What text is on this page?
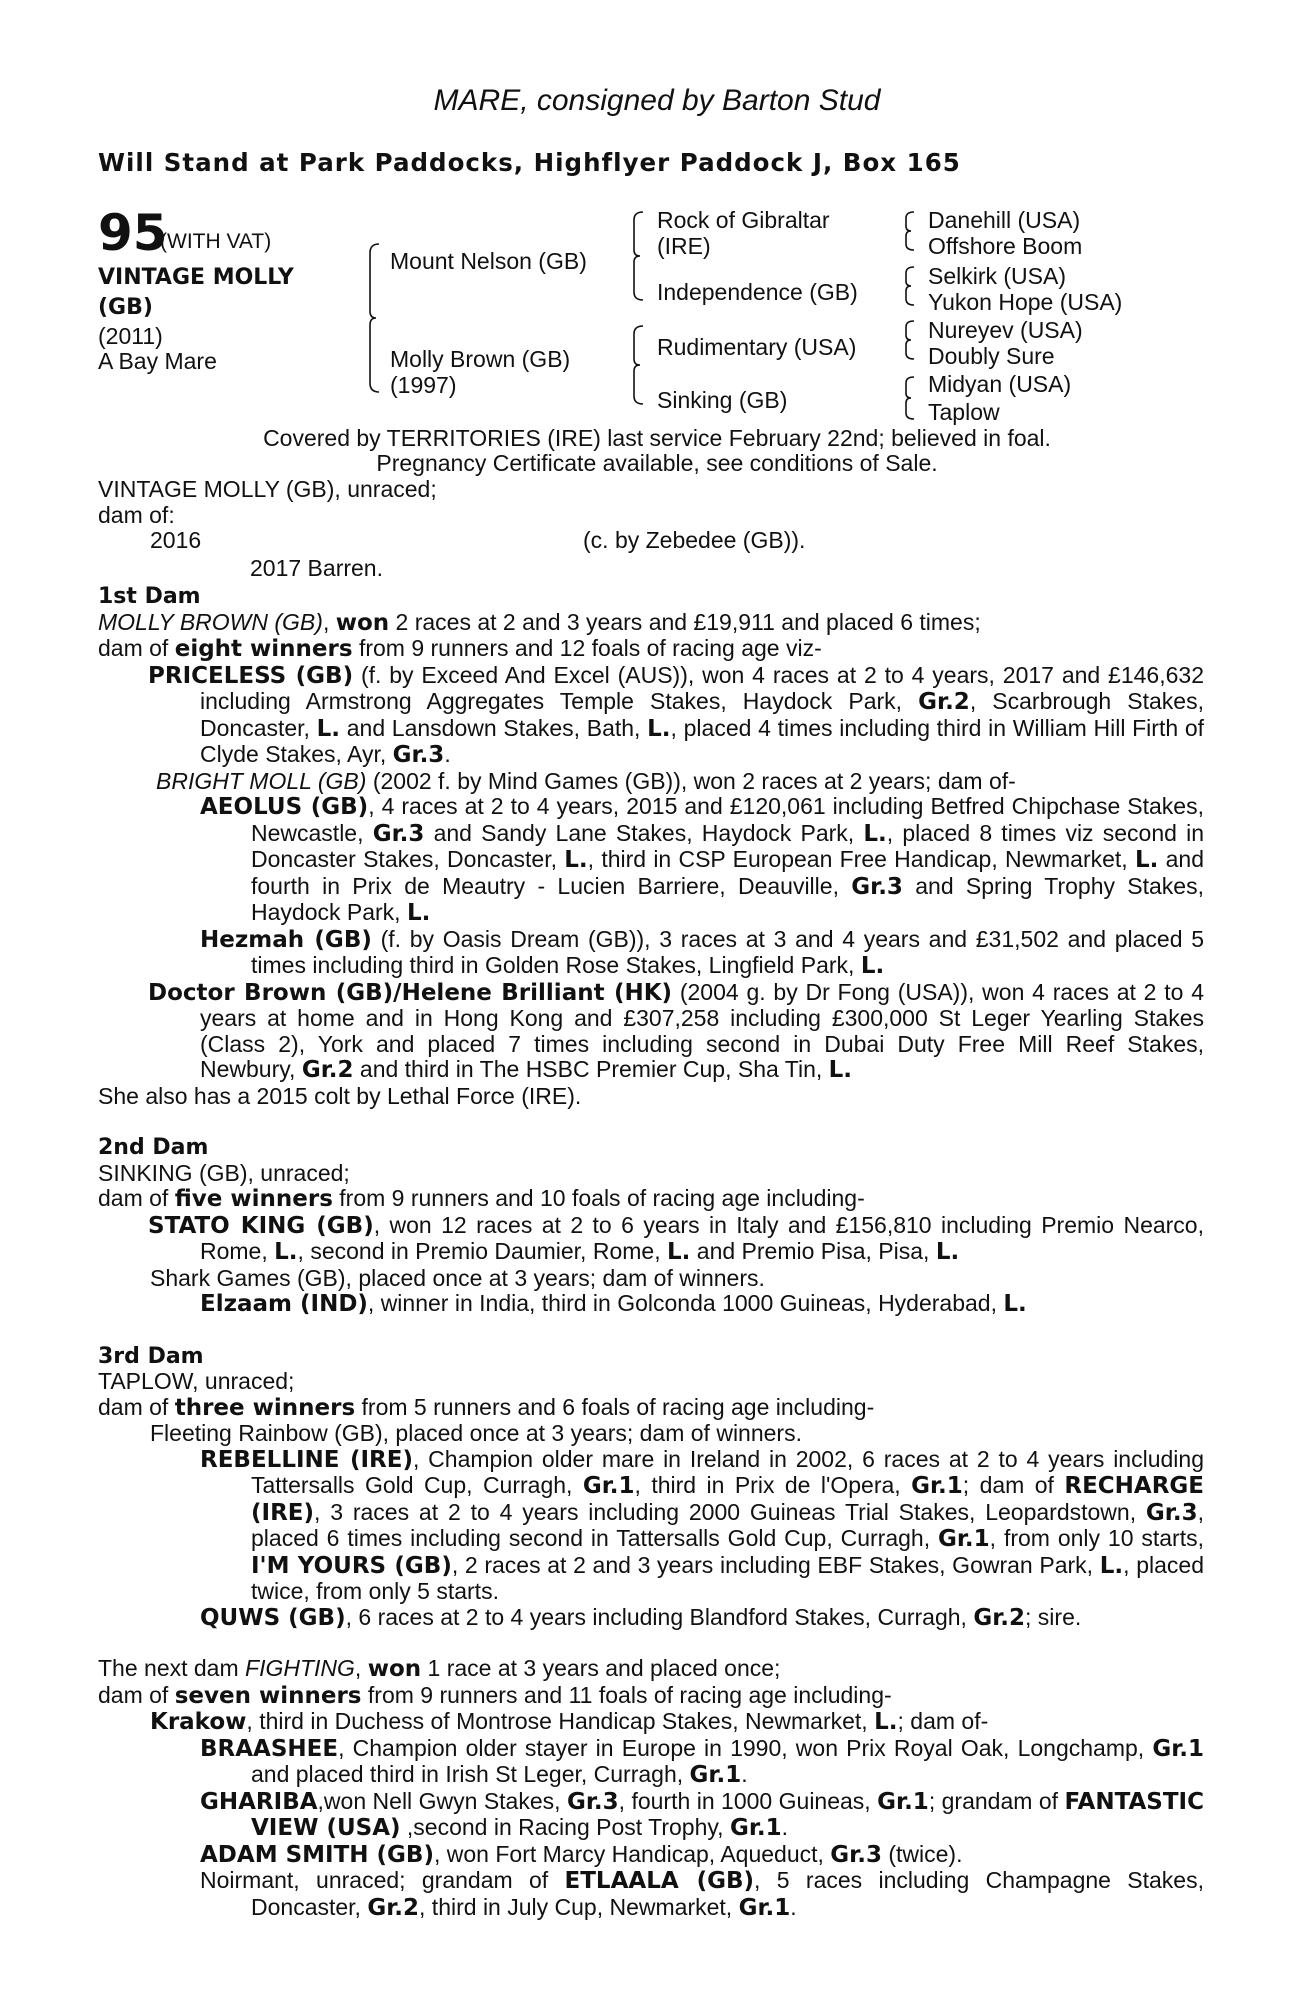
MARE, consigned by Barton Stud
Will Stand at Park Paddocks, Highflyer Paddock J, Box 165
95
(WITH VAT)
VINTAGE MOLLY
(GB)
(2011)
A Bay Mare
Mount Nelson (GB)
Molly Brown (GB)
(1997)
Rock of Gibraltar
(IRE)
Independence (GB)
Rudimentary (USA)
Sinking (GB)
Danehill (USA)
Offshore Boom
Selkirk (USA)
Yukon Hope (USA)
Nureyev (USA)
Doubly Sure
Midyan (USA)
Taplow
Covered by TERRITORIES (IRE) last service February 22nd; believed in foal.
Pregnancy Certificate available, see conditions of Sale.
VINTAGE MOLLY (GB), unraced;
dam of:
2016	(c. by Zebedee (GB)).
2017 Barren.
1st Dam
MOLLY BROWN (GB), won 2 races at 2 and 3 years and £19,911 and placed 6 times;
dam of eight winners from 9 runners and 12 foals of racing age viz-
PRICELESS (GB) (f. by Exceed And Excel (AUS)), won 4 races at 2 to 4 years, 2017 and £146,632 including Armstrong Aggregates Temple Stakes, Haydock Park, Gr.2, Scarbrough Stakes, Doncaster, L. and Lansdown Stakes, Bath, L., placed 4 times including third in William Hill Firth of Clyde Stakes, Ayr, Gr.3.
BRIGHT MOLL (GB) (2002 f. by Mind Games (GB)), won 2 races at 2 years; dam of-
AEOLUS (GB), 4 races at 2 to 4 years, 2015 and £120,061 including Betfred Chipchase Stakes, Newcastle, Gr.3 and Sandy Lane Stakes, Haydock Park, L., placed 8 times viz second in Doncaster Stakes, Doncaster, L., third in CSP European Free Handicap, Newmarket, L. and fourth in Prix de Meautry - Lucien Barriere, Deauville, Gr.3 and Spring Trophy Stakes, Haydock Park, L.
Hezmah (GB) (f. by Oasis Dream (GB)), 3 races at 3 and 4 years and £31,502 and placed 5 times including third in Golden Rose Stakes, Lingfield Park, L.
Doctor Brown (GB)/Helene Brilliant (HK) (2004 g. by Dr Fong (USA)), won 4 races at 2 to 4 years at home and in Hong Kong and £307,258 including £300,000 St Leger Yearling Stakes (Class 2), York and placed 7 times including second in Dubai Duty Free Mill Reef Stakes, Newbury, Gr.2 and third in The HSBC Premier Cup, Sha Tin, L.
She also has a 2015 colt by Lethal Force (IRE).
2nd Dam
SINKING (GB), unraced;
dam of five winners from 9 runners and 10 foals of racing age including-
STATO KING (GB), won 12 races at 2 to 6 years in Italy and £156,810 including Premio Nearco, Rome, L., second in Premio Daumier, Rome, L. and Premio Pisa, Pisa, L.
Shark Games (GB), placed once at 3 years; dam of winners.
Elzaam (IND), winner in India, third in Golconda 1000 Guineas, Hyderabad, L.
3rd Dam
TAPLOW, unraced;
dam of three winners from 5 runners and 6 foals of racing age including-
Fleeting Rainbow (GB), placed once at 3 years; dam of winners.
REBELLINE (IRE), Champion older mare in Ireland in 2002, 6 races at 2 to 4 years including Tattersalls Gold Cup, Curragh, Gr.1, third in Prix de l'Opera, Gr.1; dam of RECHARGE (IRE), 3 races at 2 to 4 years including 2000 Guineas Trial Stakes, Leopardstown, Gr.3, placed 6 times including second in Tattersalls Gold Cup, Curragh, Gr.1, from only 10 starts, I'M YOURS (GB), 2 races at 2 and 3 years including EBF Stakes, Gowran Park, L., placed twice, from only 5 starts.
QUWS (GB), 6 races at 2 to 4 years including Blandford Stakes, Curragh, Gr.2; sire.
The next dam FIGHTING, won 1 race at 3 years and placed once;
dam of seven winners from 9 runners and 11 foals of racing age including-
Krakow, third in Duchess of Montrose Handicap Stakes, Newmarket, L.; dam of-
BRAASHEE, Champion older stayer in Europe in 1990, won Prix Royal Oak, Longchamp, Gr.1 and placed third in Irish St Leger, Curragh, Gr.1.
GHARIBA,won Nell Gwyn Stakes, Gr.3, fourth in 1000 Guineas, Gr.1; grandam of FANTASTIC VIEW (USA) ,second in Racing Post Trophy, Gr.1.
ADAM SMITH (GB), won Fort Marcy Handicap, Aqueduct, Gr.3 (twice).
Noirmant, unraced; grandam of ETLAALA (GB), 5 races including Champagne Stakes, Doncaster, Gr.2, third in July Cup, Newmarket, Gr.1.
